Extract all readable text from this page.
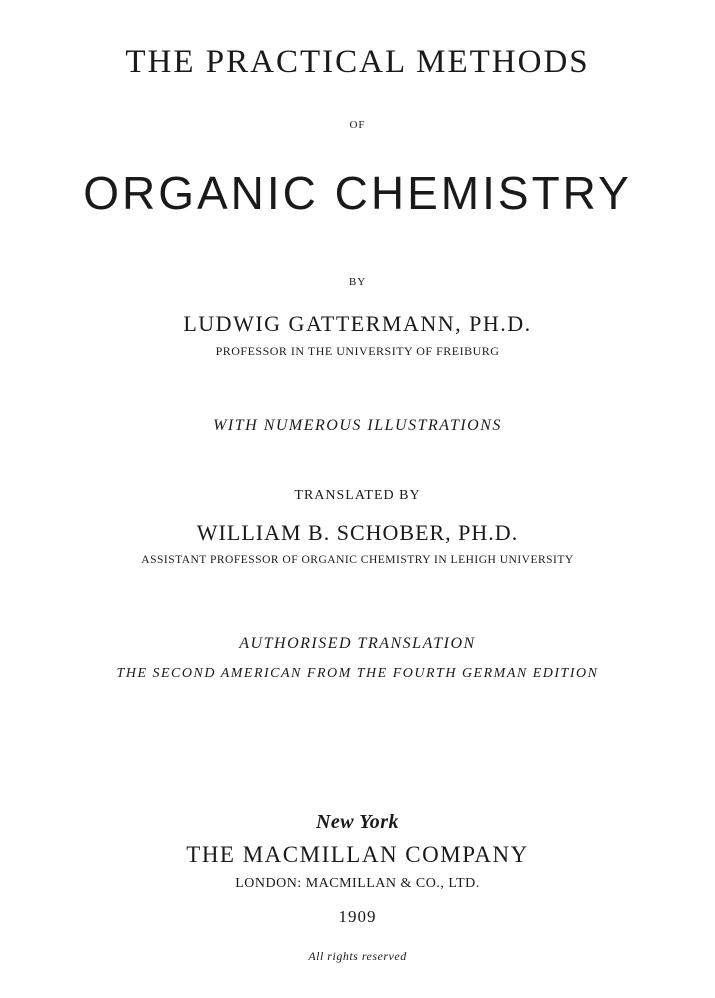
THE PRACTICAL METHODS
OF
ORGANIC CHEMISTRY
BY
LUDWIG GATTERMANN, PH.D.
PROFESSOR IN THE UNIVERSITY OF FREIBURG
WITH NUMEROUS ILLUSTRATIONS
TRANSLATED BY
WILLIAM B. SCHOBER, PH.D.
ASSISTANT PROFESSOR OF ORGANIC CHEMISTRY IN LEHIGH UNIVERSITY
AUTHORISED TRANSLATION
THE SECOND AMERICAN FROM THE FOURTH GERMAN EDITION
New York
THE MACMILLAN COMPANY
LONDON: MACMILLAN & CO., LTD.
1909
All rights reserved
